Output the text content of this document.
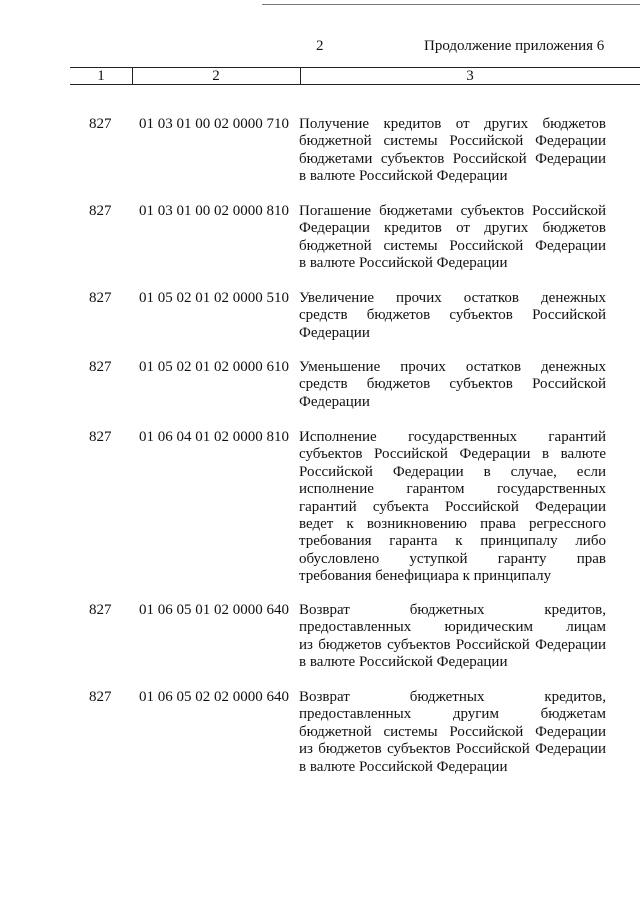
2	Продолжение приложения 6
1	2	3
827 01 03 01 00 02 0000 710 Получение кредитов от других бюджетов
бюджетной системы Российской Федерации
бюджетами субъектов Российской Федерации
в валюте Российской Федерации
827 01 03 01 00 02 0000 810 Погашение бюджетами субъектов Российской
Федерации кредитов от других бюджетов
бюджетной системы Российской Федерации
в валюте Российской Федерации
827 01 05 02 01 02 0000 510 Увеличение прочих остатков денежных
средств бюджетов субъектов Российской
Федерации
827 01 05 02 01 02 0000 610 Уменьшение прочих остатков денежных
средств бюджетов субъектов Российской
Федерации
827 01 06 04 01 02 0000 810 Исполнение государственных гарантий
субъектов Российской Федерации в валюте
Российской Федерации в случае, если
исполнение гарантом государственных
гарантий субъекта Российской Федерации
ведет к возникновению права регрессного
требования гаранта к принципалу либо
обусловлено уступкой гаранту прав
требования бенефициара к принципалу
827 01 06 05 01 02 0000 640 Возврат	бюджетных	кредитов,
предоставленных юридическим лицам
из бюджетов субъектов Российской Федерации
в валюте Российской Федерации
827 01 06 05 02 02 0000 640 Возврат	бюджетных	кредитов,
предоставленных	другим	бюджетам
бюджетной системы Российской Федерации
из бюджетов субъектов Российской Федерации
в валюте Российской Федерации
